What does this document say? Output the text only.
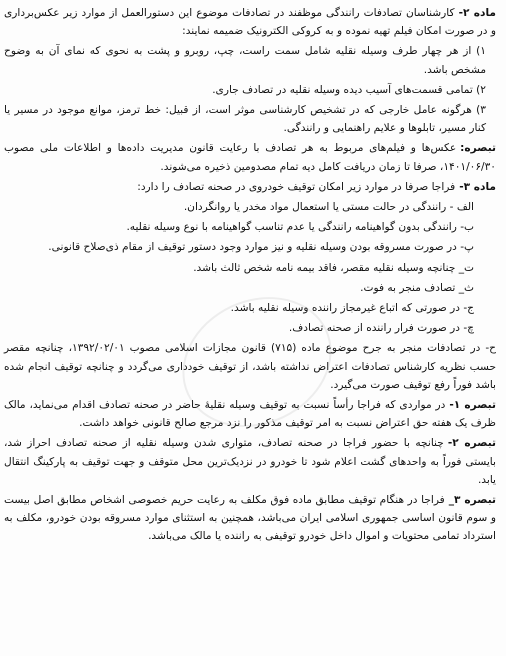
ماده ۲-کارشناسان تصادفات رانندگی موظفند در تصادفات موضوع این دستورالعمل از موارد زیر عکس‌برداری و در صورت امکان فیلم تهیه نموده و به کروکی الکترونیک ضمیمه نمایند:

۱) از هر چهار طرف وسیله نقلیه شامل سمت راست، چپ، روبرو و پشت به نحوی که نمای آن به وضوح مشخص باشد.

۲) تمامی قسمت‌های آسیب دیده وسیله نقلیه در تصادف جاری.

۳) هرگونه عامل خارجی که در تشخیص کارشناسی موثر است، از قبیل: خط ترمز، موانع موجود در مسیر یا کنار مسیر، تابلوها و علایم راهنمایی و رانندگی.

تبصره:عکس‌ها و فیلم‌های مربوط به هر تصادف با رعایت قانون مدیریت داده‌ها و اطلاعات ملی مصوب ۱۴۰۱/۰۶/۳۰، صرفا تا زمان دریافت کامل دیه تمام مصدومین ذخیره می‌شوند.

ماده ۳-فراجا صرفا در موارد زیر امکان توقیف خودروی در صحنه تصادف را دارد:

الف - رانندگی در حالت مستی یا استعمال مواد مخدر یا روانگردان.

ب- رانندگی بدون گواهینامه رانندگی یا عدم تناسب گواهینامه با نوع وسیله نقلیه.

پ- در صورت مسروقه بودن وسیله نقلیه و نیز موارد وجود دستور توقیف از مقام ذی‌صلاح قانونی.

ت_ چنانچه وسیله نقلیه مقصر، فاقد بیمه نامه شخص ثالث باشد.

ث_ تصادف منجر به فوت.

ج- در صورتی که اتباع غیرمجاز راننده وسیله نقلیه باشد.

چ- در صورت فرار راننده از صحنه تصادف.

ح- در تصادفات منجر به جرح موضوع ماده (۷۱۵) قانون مجازات اسلامی مصوب ۱۳۹۲/۰۲/۰۱، چنانچه مقصر حسب نظریه کارشناس تصادفات اعتراض نداشته باشد، از توقیف خودداری می‌گردد و چنانچه توقیف انجام شده باشد فوراً رفع توقیف صورت می‌گیرد.

تبصره ۱-در مواردی که فراجا رأساً نسبت به توقیف وسیله نقلیهٔ حاضر در صحنه تصادف اقدام می‌نماید، مالک ظرف یک هفته حق اعتراض نسبت به امر توقیف مذکور را نزد مرجع صالح قانونی خواهد داشت.

تبصره ۲-چنانچه با حضور فراجا در صحنه تصادف، متواری شدن وسیله نقلیه از صحنه تصادف احراز شد، بایستی فوراً به واحدهای گشت اعلام شود تا خودرو در نزدیک‌ترین محل متوقف و جهت توقیف به پارکینگ انتقال یابد.

تبصره ۳_فراجا در هنگام توقیف مطابق ماده فوق مکلف به رعایت حریم خصوصی اشخاص مطابق اصل بیست و سوم قانون اساسی جمهوری اسلامی ایران می‌باشد، همچنین به استثنای موارد مسروقه بودن خودرو، مکلف به استرداد تمامی محتویات و اموال داخل خودرو توقیفی به راننده یا مالک می‌باشد.
